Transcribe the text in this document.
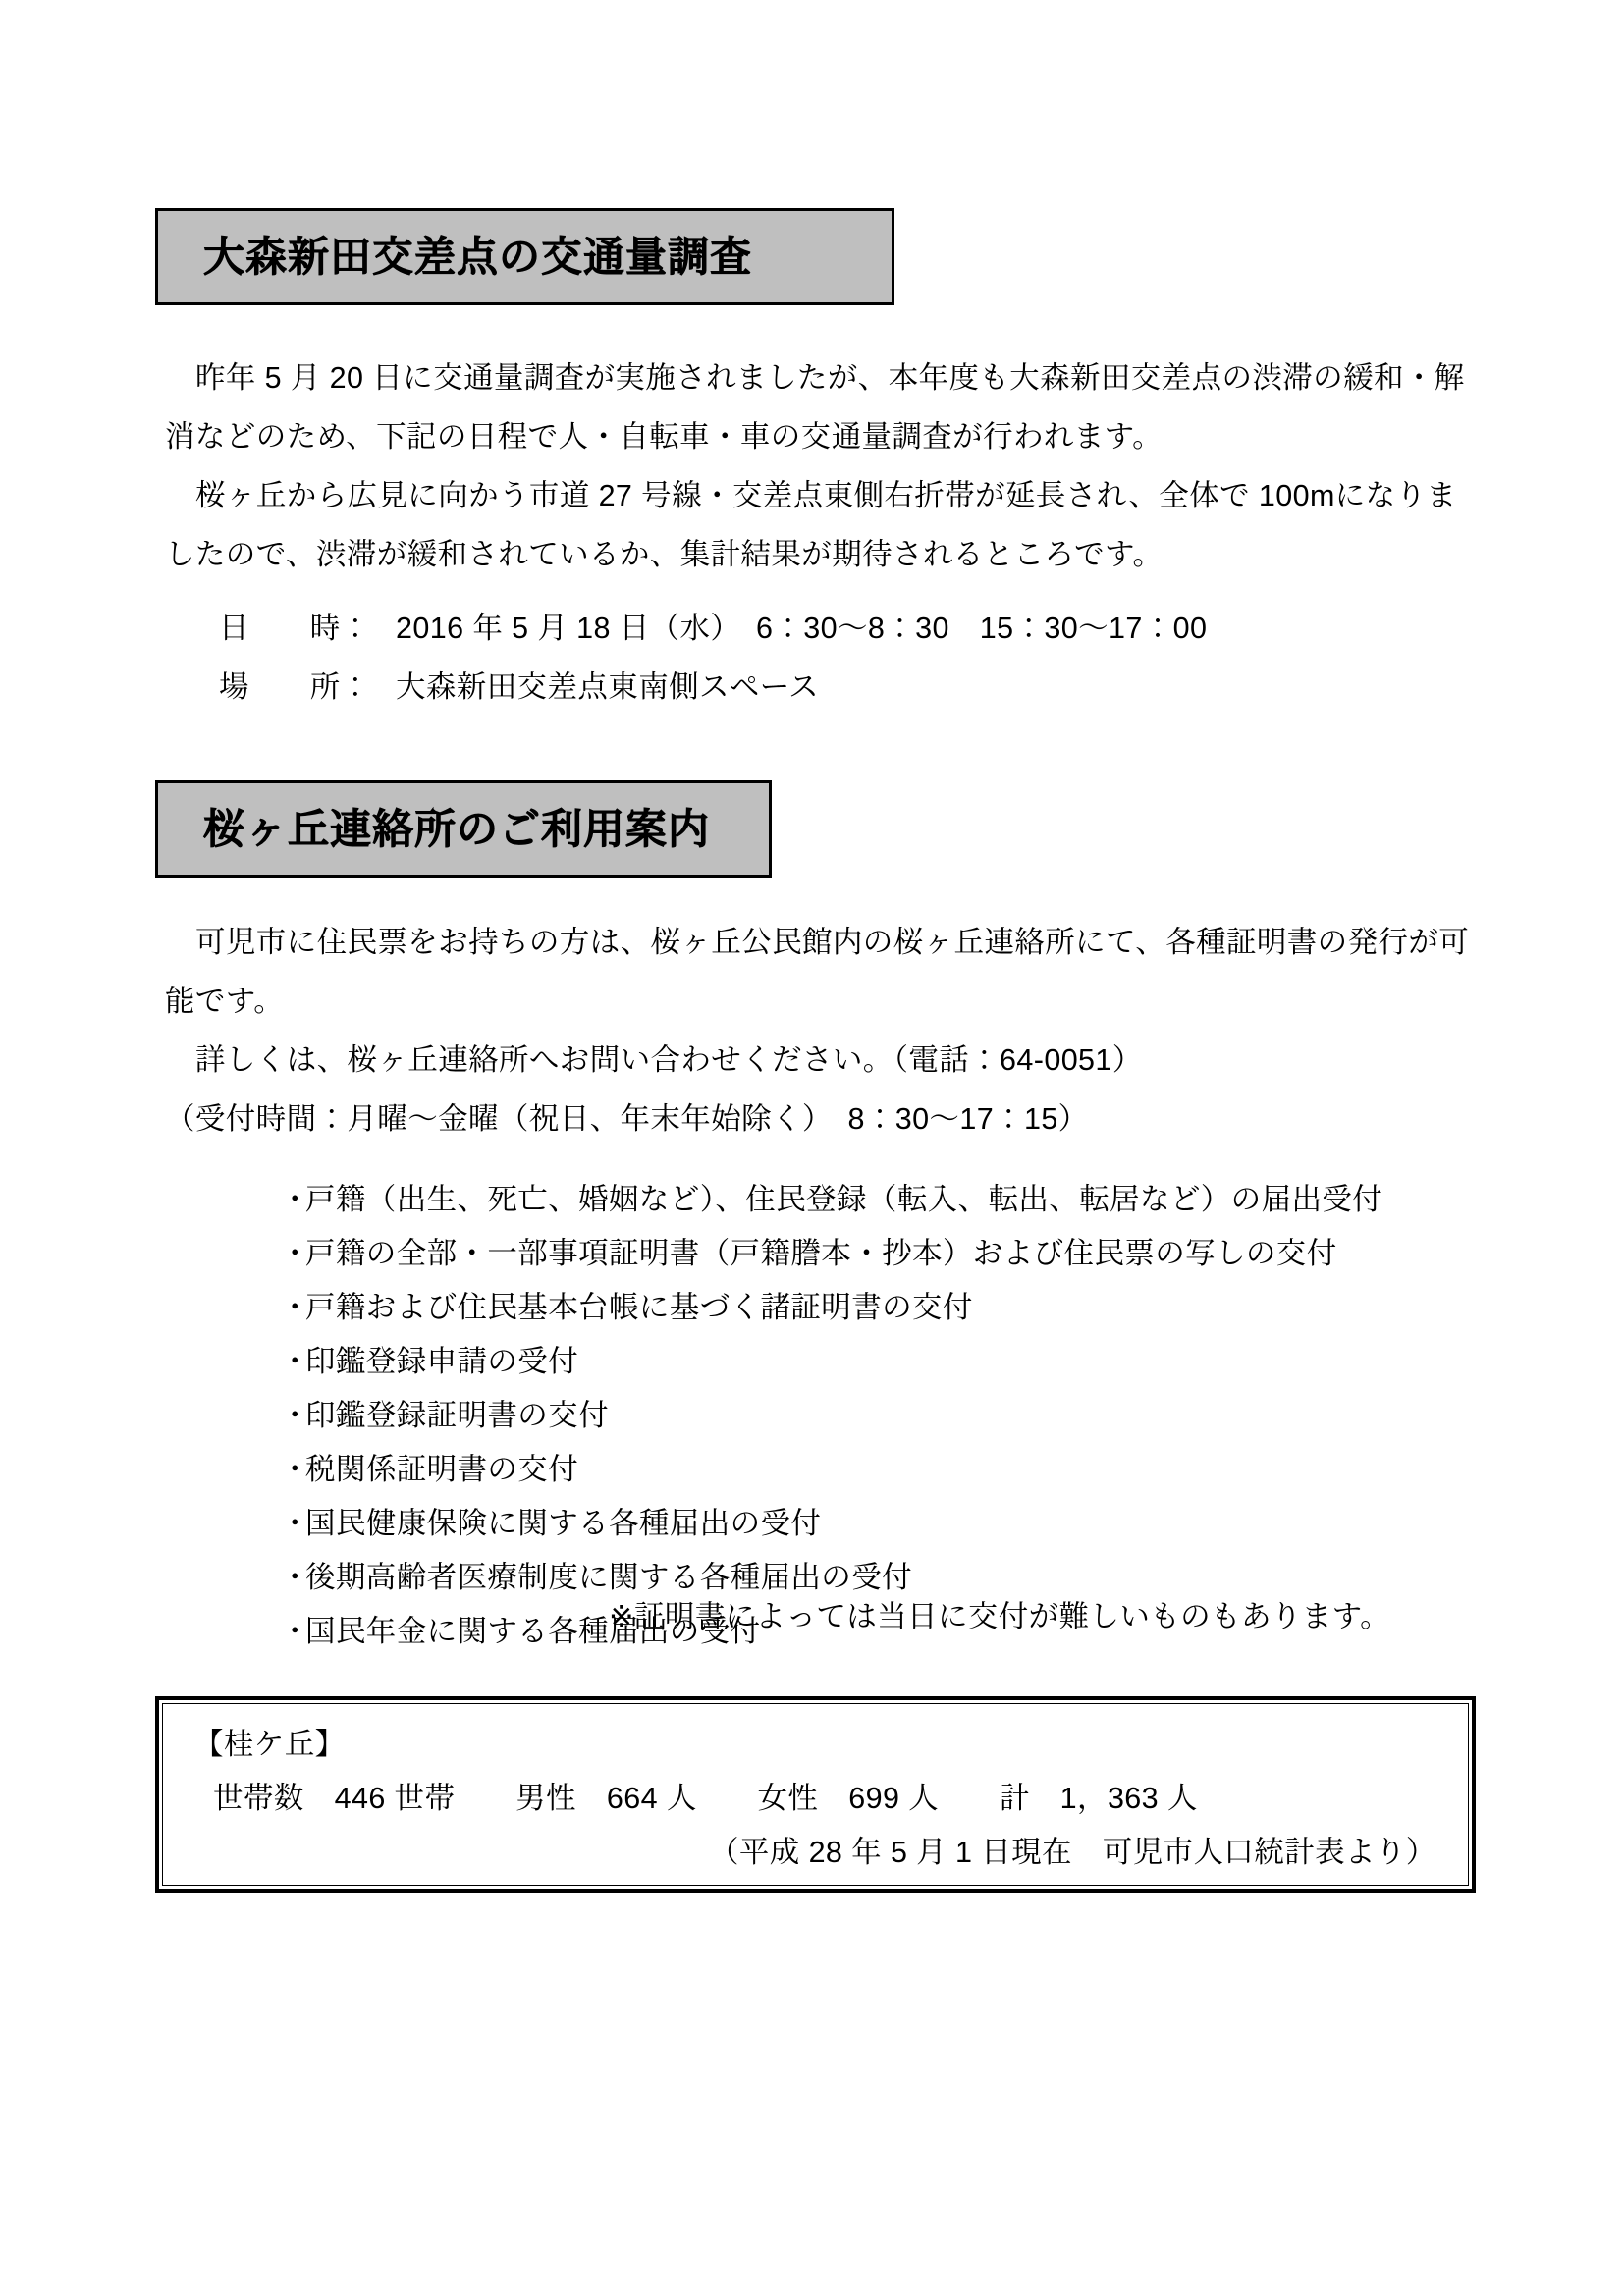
大森新田交差点の交通量調査
昨年 5 月 20 日に交通量調査が実施されましたが、本年度も大森新田交差点の渋滞の緩和・解消などのため、下記の日程で人・自転車・車の交通量調査が行われます。
桜ヶ丘から広見に向かう市道 27 号線・交差点東側右折帯が延長され、全体で 100mになりましたので、渋滞が緩和されているか、集計結果が期待されるところです。
日　　時： 2016 年 5 月 18 日（水）　6：30〜8：30　15：30〜17：00
場　　所： 大森新田交差点東南側スペース
桜ヶ丘連絡所のご利用案内
可児市に住民票をお持ちの方は、桜ヶ丘公民館内の桜ヶ丘連絡所にて、各種証明書の発行が可能です。
詳しくは、桜ヶ丘連絡所へお問い合わせください。（電話：64-0051）
（受付時間：月曜〜金曜（祝日、年末年始除く）　8：30〜17：15）
・戸籍（出生、死亡、婚姻など）、住民登録（転入、転出、転居など）の届出受付
・戸籍の全部・一部事項証明書（戸籍謄本・抄本）および住民票の写しの交付
・戸籍および住民基本台帳に基づく諸証明書の交付
・印鑑登録申請の受付
・印鑑登録証明書の交付
・税関係証明書の交付
・国民健康保険に関する各種届出の受付
・後期高齢者医療制度に関する各種届出の受付
・国民年金に関する各種届出の受付
※証明書によっては当日に交付が難しいものもあります。
【桂ケ丘】
世帯数　446 世帯　　男性　664 人　　女性　699 人　　計　1，363 人
（平成 28 年 5 月 1 日現在　可児市人口統計表より）
